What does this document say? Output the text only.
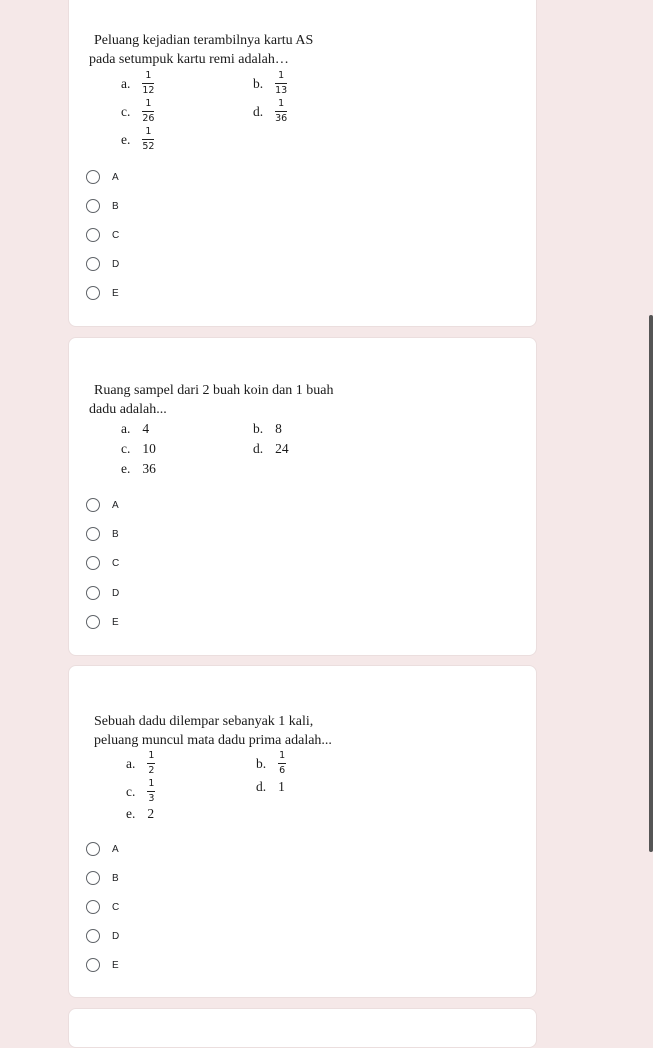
Peluang kejadian terambilnya kartu AS
pada setumpuk kartu remi adalah…
a. $\frac{1}{12}$	b. $\frac{1}{13}$
c. $\frac{1}{26}$	d. $\frac{1}{36}$
e. $\frac{1}{52}$
A
B
C
D
E
Ruang sampel dari 2 buah koin dan 1 buah
dadu adalah...
a. 4	b. 8
c. 10	d. 24
e. 36
A
B
C
D
E
Sebuah dadu dilempar sebanyak 1 kali,
peluang muncul mata dadu prima adalah...
a. $\frac{1}{2}$	b. $\frac{1}{6}$
c. $\frac{1}{3}$	d. 1
e. 2
A
B
C
D
E
